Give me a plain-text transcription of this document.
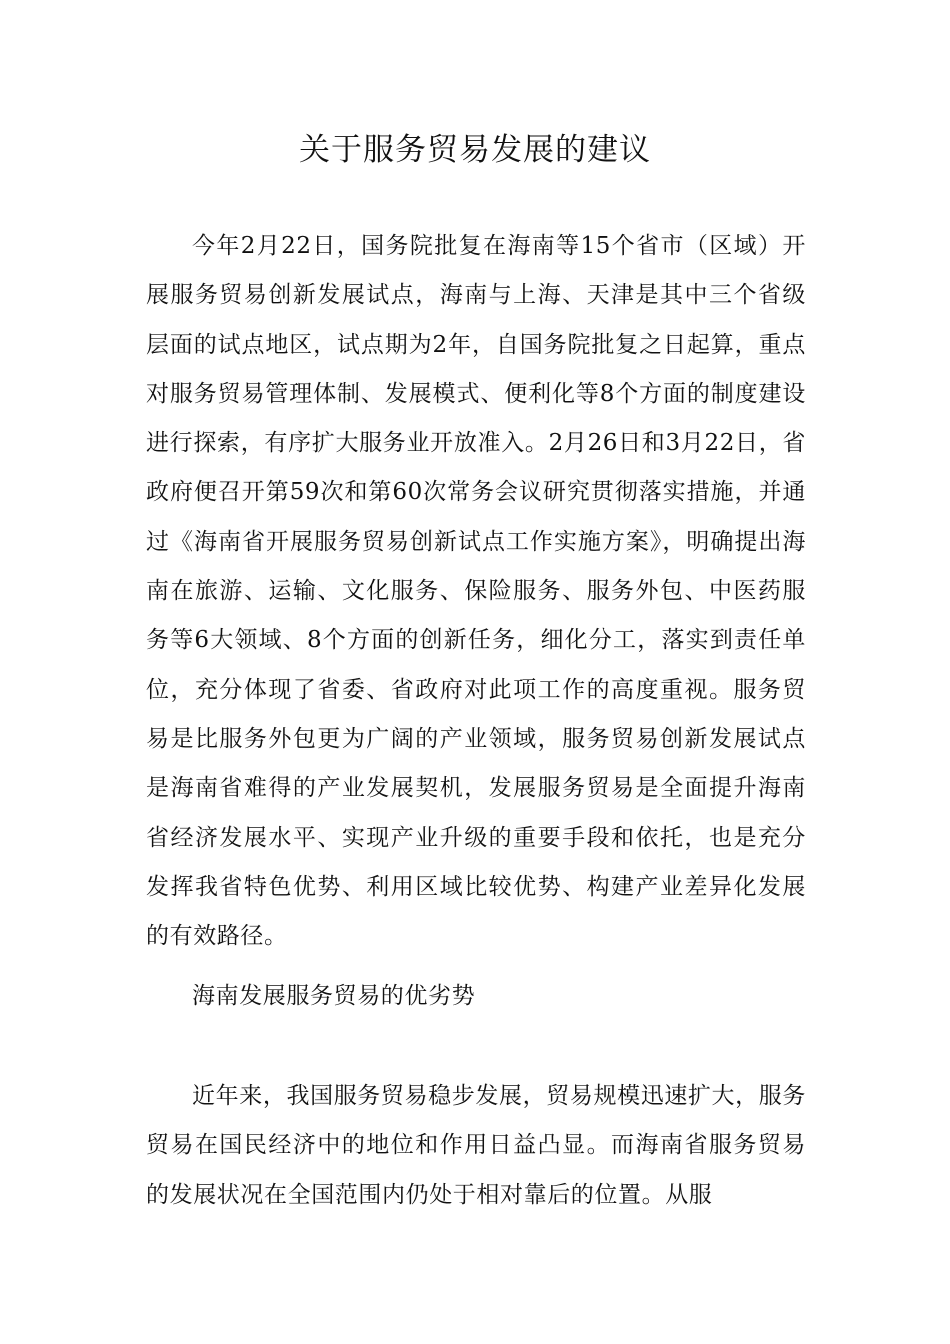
关于服务贸易发展的建议

今年2月22日，国务院批复在海南等15个省市（区域）开展服务贸易创新发展试点，海南与上海、天津是其中三个省级层面的试点地区，试点期为2年，自国务院批复之日起算，重点对服务贸易管理体制、发展模式、便利化等8个方面的制度建设进行探索，有序扩大服务业开放准入。2月26日和3月22日，省政府便召开第59次和第60次常务会议研究贯彻落实措施，并通过《海南省开展服务贸易创新试点工作实施方案》，明确提出海南在旅游、运输、文化服务、保险服务、服务外包、中医药服务等6大领域、8个方面的创新任务，细化分工，落实到责任单位，充分体现了省委、省政府对此项工作的高度重视。服务贸易是比服务外包更为广阔的产业领域，服务贸易创新发展试点是海南省难得的产业发展契机，发展服务贸易是全面提升海南省经济发展水平、实现产业升级的重要手段和依托，也是充分发挥我省特色优势、利用区域比较优势、构建产业差异化发展的有效路径。

海南发展服务贸易的优劣势

近年来，我国服务贸易稳步发展，贸易规模迅速扩大，服务贸易在国民经济中的地位和作用日益凸显。而海南省服务贸易的发展状况在全国范围内仍处于相对靠后的位置。从服
